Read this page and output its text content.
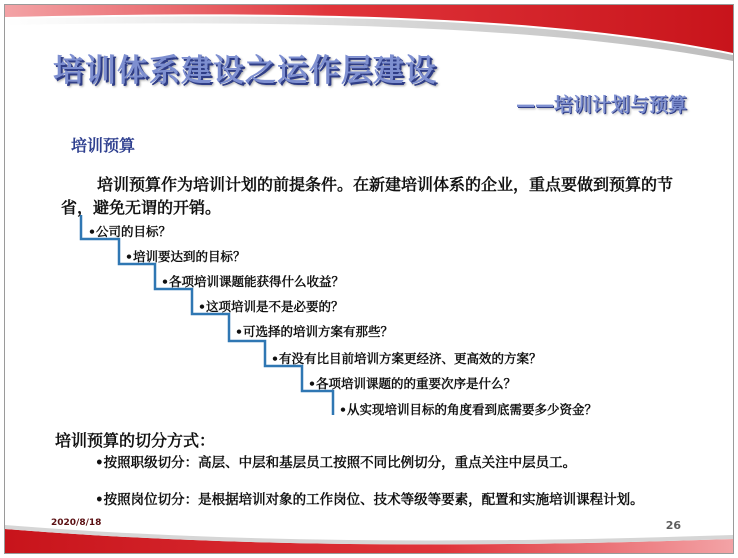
培训体系建设之运作层建设
——培训计划与预算
培训预算
培训预算作为培训计划的前提条件。在新建培训体系的企业，重点要做到预算的节省，避免无谓的开销。
•公司的目标？
•培训要达到的目标？
•各项培训课题能获得什么收益？
•这项培训是不是必要的？
•可选择的培训方案有那些？
•有没有比目前培训方案更经济、更高效的方案？
•各项培训课题的的重要次序是什么？
•从实现培训目标的角度看到底需要多少资金？
培训预算的切分方式：
•按照职级切分：高层、中层和基层员工按照不同比例切分，重点关注中层员工。
•按照岗位切分：是根据培训对象的工作岗位、技术等级等要素，配置和实施培训课程计划。
2020/8/18	26
